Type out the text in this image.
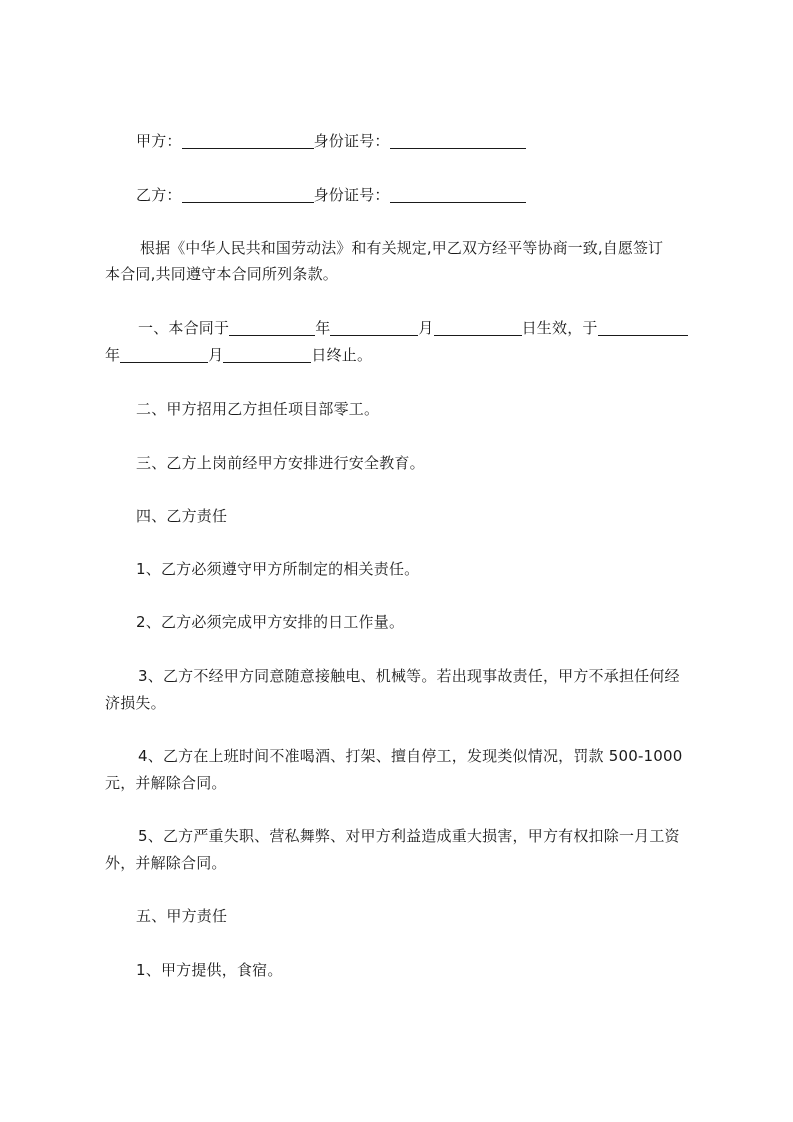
甲方：	身份证号：
乙方：	身份证号：
根据《中华人民共和国劳动法》和有关规定,甲乙双方经平等协商一致,自愿签订
本合同,共同遵守本合同所列条款。
一、本合同于	年	月	日生效，于
年	月	日终止。
二、甲方招用乙方担任项目部零工。
三、乙方上岗前经甲方安排进行安全教育。
四、乙方责任
1、乙方必须遵守甲方所制定的相关责任。
2、乙方必须完成甲方安排的日工作量。
3、乙方不经甲方同意随意接触电、机械等。若出现事故责任，甲方不承担任何经
济损失。
4、乙方在上班时间不准喝酒、打架、擅自停工，发现类似情况，罚款 500-1000
元，并解除合同。
5、乙方严重失职、营私舞弊、对甲方利益造成重大损害，甲方有权扣除一月工资
外，并解除合同。
五、甲方责任
1、甲方提供，食宿。
